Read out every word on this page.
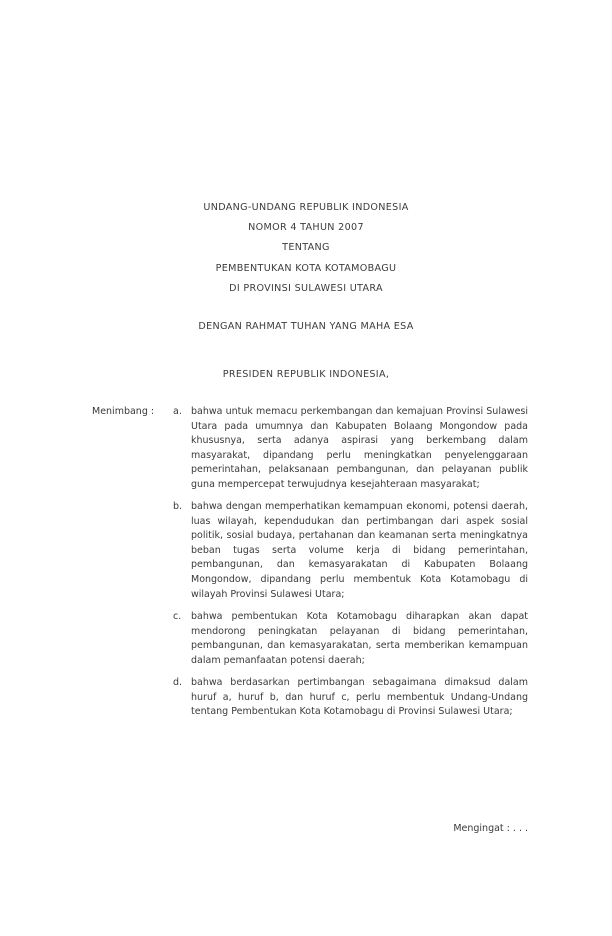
UNDANG-UNDANG REPUBLIK INDONESIA
NOMOR 4 TAHUN 2007
TENTANG
PEMBENTUKAN KOTA KOTAMOBAGU
DI PROVINSI SULAWESI UTARA
DENGAN RAHMAT TUHAN YANG MAHA ESA
PRESIDEN REPUBLIK INDONESIA,
Menimbang :	a. bahwa untuk memacu perkembangan dan kemajuan Provinsi Sulawesi Utara pada umumnya dan Kabupaten Bolaang Mongondow pada khususnya, serta adanya aspirasi yang berkembang dalam masyarakat, dipandang perlu meningkatkan penyelenggaraan pemerintahan, pelaksanaan pembangunan, dan pelayanan publik guna mempercepat terwujudnya kesejahteraan masyarakat;
b. bahwa dengan memperhatikan kemampuan ekonomi, potensi daerah, luas wilayah, kependudukan dan pertimbangan dari aspek sosial politik, sosial budaya, pertahanan dan keamanan serta meningkatnya beban tugas serta volume kerja di bidang pemerintahan, pembangunan, dan kemasyarakatan di Kabupaten Bolaang Mongondow, dipandang perlu membentuk Kota Kotamobagu di wilayah Provinsi Sulawesi Utara;
c.	bahwa pembentukan Kota Kotamobagu diharapkan akan dapat mendorong peningkatan pelayanan di bidang pemerintahan, pembangunan, dan kemasyarakatan, serta memberikan kemampuan dalam pemanfaatan potensi daerah;
d. bahwa berdasarkan pertimbangan sebagaimana dimaksud dalam huruf a, huruf b, dan huruf c, perlu membentuk Undang-Undang tentang Pembentukan Kota Kotamobagu di Provinsi Sulawesi Utara;
Mengingat : . . .
